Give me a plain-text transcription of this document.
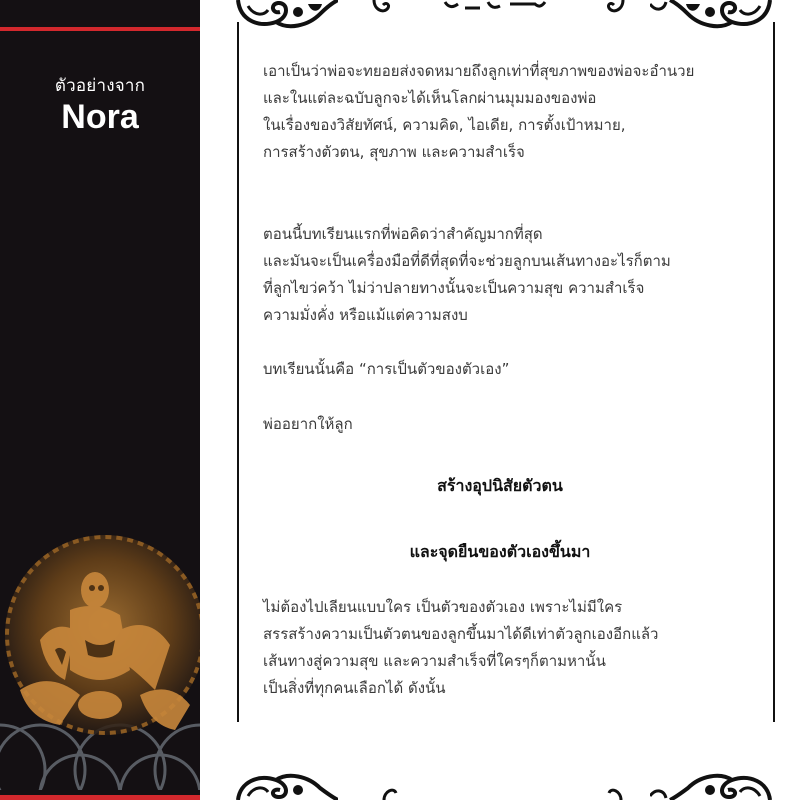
ตัวอย่างจาก
Nora

เอาเป็นว่าพ่อจะทยอยส่งจดหมายถึงลูกเท่าที่สุขภาพของพ่อจะอำนวย

และในแต่ละฉบับลูกจะได้เห็นโลกผ่านมุมมองของพ่อ

ในเรื่องของวิสัยทัศน์, ความคิด, ไอเดีย, การตั้งเป้าหมาย,

การสร้างตัวตน, สุขภาพ และความสำเร็จ

ตอนนี้บทเรียนแรกที่พ่อคิดว่าสำคัญมากที่สุด

และมันจะเป็นเครื่องมือที่ดีที่สุดที่จะช่วยลูกบนเส้นทางอะไรก็ตาม

ที่ลูกไขว่คว้า ไม่ว่าปลายทางนั้นจะเป็นความสุข ความสำเร็จ

ความมั่งคั่ง หรือแม้แต่ความสงบ

บทเรียนนั้นคือ “การเป็นตัวของตัวเอง”

พ่ออยากให้ลูก

สร้างอุปนิสัยตัวตน
และจุดยืนของตัวเองขึ้นมา

ไม่ต้องไปเลียนแบบใคร เป็นตัวของตัวเอง เพราะไม่มีใคร

สรรสร้างความเป็นตัวตนของลูกขึ้นมาได้ดีเท่าตัวลูกเองอีกแล้ว

เส้นทางสู่ความสุข และความสำเร็จที่ใครๆก็ตามหานั้น

เป็นสิ่งที่ทุกคนเลือกได้ ดังนั้น
